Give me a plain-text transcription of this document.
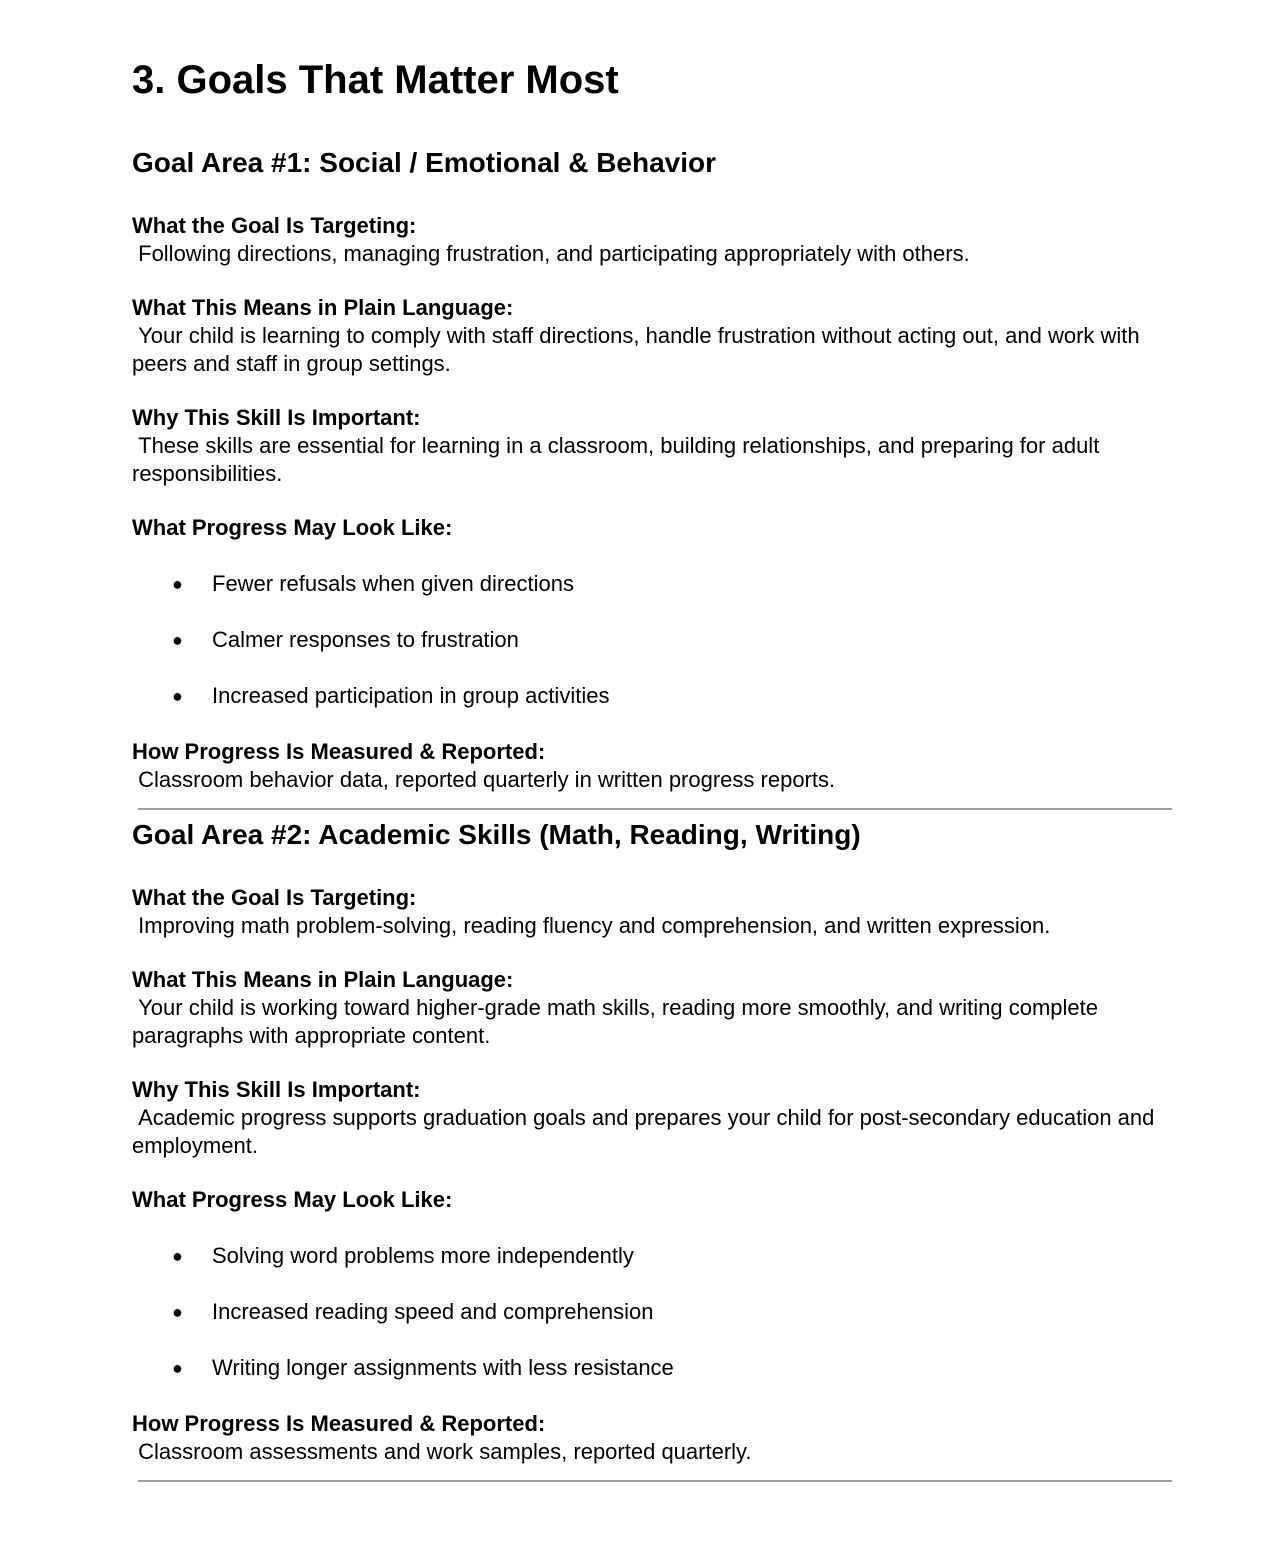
3. Goals That Matter Most
Goal Area #1: Social / Emotional & Behavior
What the Goal Is Targeting:
Following directions, managing frustration, and participating appropriately with others.
What This Means in Plain Language:
Your child is learning to comply with staff directions, handle frustration without acting out, and work with peers and staff in group settings.
Why This Skill Is Important:
These skills are essential for learning in a classroom, building relationships, and preparing for adult responsibilities.
What Progress May Look Like:
● Fewer refusals when given directions
● Calmer responses to frustration
● Increased participation in group activities
How Progress Is Measured & Reported:
Classroom behavior data, reported quarterly in written progress reports.
Goal Area #2: Academic Skills (Math, Reading, Writing)
What the Goal Is Targeting:
Improving math problem-solving, reading fluency and comprehension, and written expression.
What This Means in Plain Language:
Your child is working toward higher-grade math skills, reading more smoothly, and writing complete paragraphs with appropriate content.
Why This Skill Is Important:
Academic progress supports graduation goals and prepares your child for post-secondary education and employment.
What Progress May Look Like:
● Solving word problems more independently
● Increased reading speed and comprehension
● Writing longer assignments with less resistance
How Progress Is Measured & Reported:
Classroom assessments and work samples, reported quarterly.
